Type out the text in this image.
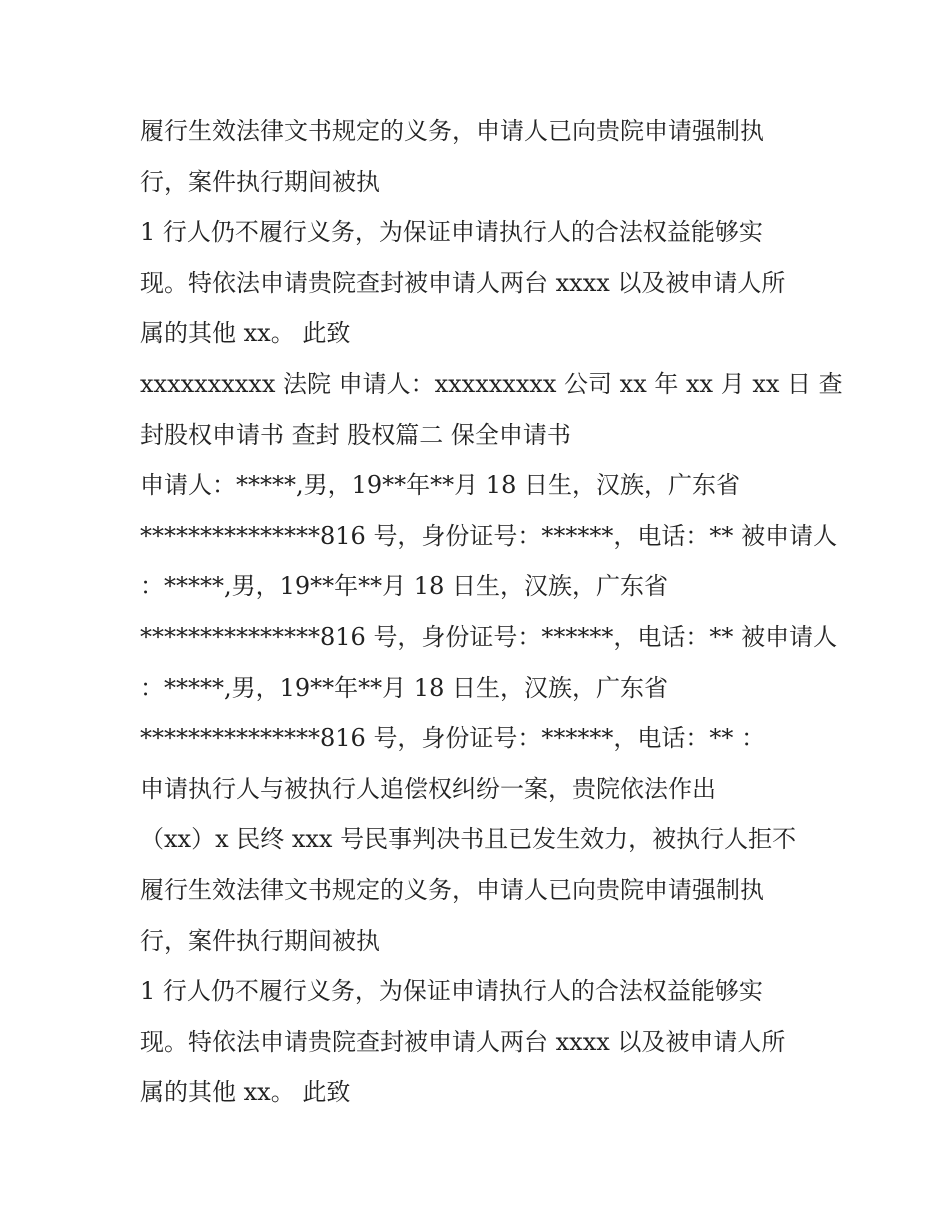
履行生效法律文书规定的义务，申请人已向贵院申请强制执
行，案件执行期间被执
1 行人仍不履行义务，为保证申请执行人的合法权益能够实
现。特依法申请贵院查封被申请人两台 xxxx 以及被申请人所
属的其他 xx。 此致
xxxxxxxxxx 法院 申请人：xxxxxxxxx 公司 xx 年 xx 月 xx 日 查
封股权申请书 查封 股权篇二 保全申请书
申请人：*****,男，19**年**月 18 日生，汉族，广东省
***************816 号，身份证号：******，电话：** 被申请人
：*****,男，19**年**月 18 日生，汉族，广东省
***************816 号，身份证号：******，电话：** 被申请人
：*****,男，19**年**月 18 日生，汉族，广东省
***************816 号，身份证号：******，电话：** ：
申请执行人与被执行人追偿权纠纷一案，贵院依法作出
（xx）x 民终 xxx 号民事判决书且已发生效力，被执行人拒不
履行生效法律文书规定的义务，申请人已向贵院申请强制执
行，案件执行期间被执
1 行人仍不履行义务，为保证申请执行人的合法权益能够实
现。特依法申请贵院查封被申请人两台 xxxx 以及被申请人所
属的其他 xx。 此致
